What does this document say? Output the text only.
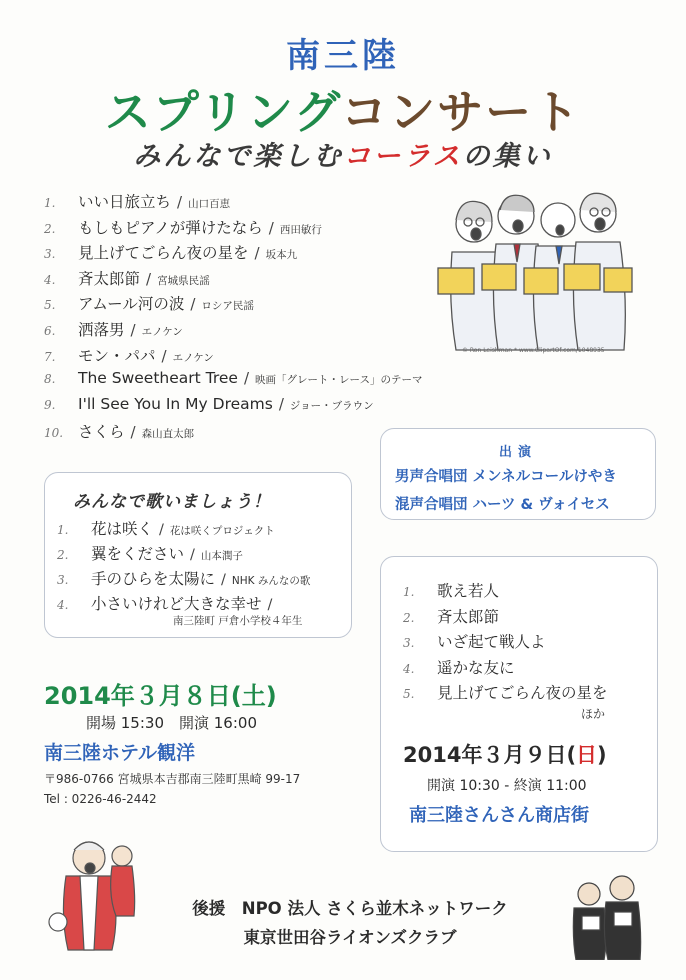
南三陸
スプリングコンサート
みんなで楽しむコーラスの集い
1.	いい日旅立ち / 山口百恵
2.	もしもピアノが弾けたなら / 西田敏行
3.	見上げてごらん夜の星を / 坂本九
4.	斉太郎節 / 宮城県民謡
5.	アムール河の波 / ロシア民謡
6.	洒落男 / エノケン
7.	モン・パパ / エノケン
8.	The Sweetheart Tree / 映画「グレート・レース」のテーマ
9.	I'll See You In My Dreams / ジョー・ブラウン
10. さくら / 森山直太郎
© Ron Leishman * www.ClipartOf.com/1048935
出演
男声合唱団 メンネルコールけやき
混声合唱団 ハーツ & ヴォイセス
みんなで歌いましょう！
1.	花は咲く / 花は咲くプロジェクト
2.	翼をください / 山本潤子
3.	手のひらを太陽に / NHK みんなの歌
4.	小さいけれど大きな幸せ /
南三陸町 戸倉小学校４年生
1.	歌え若人
2.	斉太郎節
3.	いざ起て戦人よ
4.	遥かな友に
5.	見上げてごらん夜の星を
ほか
2014年３月９日(日)
開演 10:30 - 終演 11:00
南三陸さんさん商店街
2014年３月８日(土)
開場 15:30　開演 16:00
南三陸ホテル観洋
〒986-0766 宮城県本吉郡南三陸町黒崎 99-17
Tel : 0226-46-2442
後援　NPO 法人 さくら並木ネットワーク
東京世田谷ライオンズクラブ
